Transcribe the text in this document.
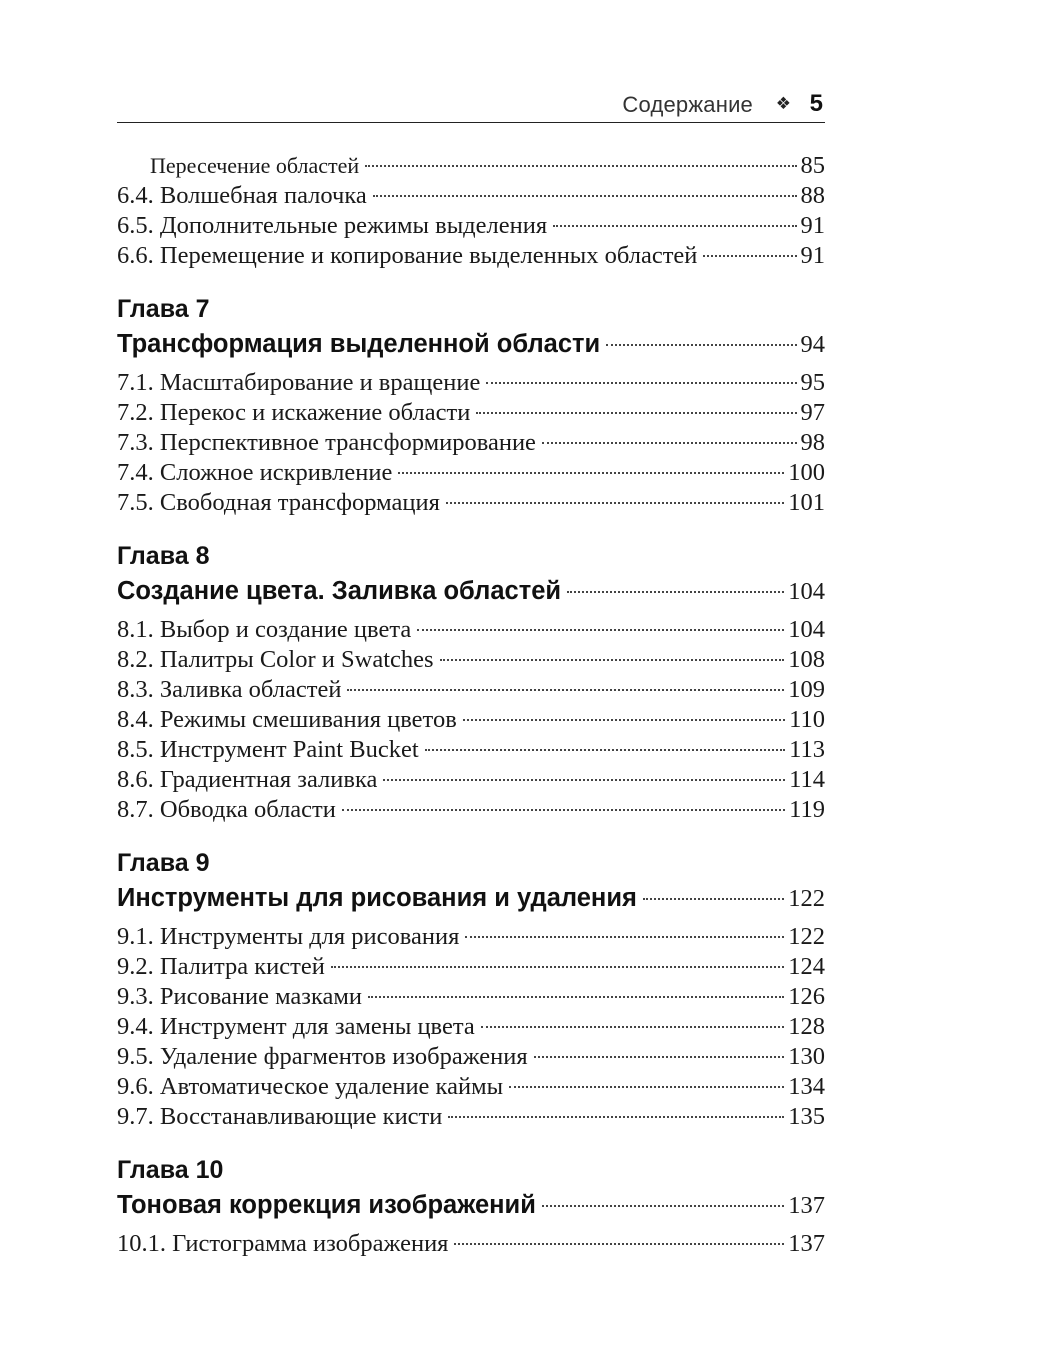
Содержание ❖ 5
Пересечение областей	85
6.4. Волшебная палочка	88
6.5. Дополнительные режимы выделения	91
6.6. Перемещение и копирование выделенных областей	91
Глава 7
Трансформация выделенной области	94
7.1. Масштабирование и вращение	95
7.2. Перекос и искажение области	97
7.3. Перспективное трансформирование	98
7.4. Сложное искривление	100
7.5. Свободная трансформация	101
Глава 8
Создание цвета. Заливка областей	104
8.1. Выбор и создание цвета	104
8.2. Палитры Color и Swatches	108
8.3. Заливка областей	109
8.4. Режимы смешивания цветов	110
8.5. Инструмент Paint Bucket	113
8.6. Градиентная заливка	114
8.7. Обводка области	119
Глава 9
Инструменты для рисования и удаления	122
9.1. Инструменты для рисования	122
9.2. Палитра кистей	124
9.3. Рисование мазками	126
9.4. Инструмент для замены цвета	128
9.5. Удаление фрагментов изображения	130
9.6. Автоматическое удаление каймы	134
9.7. Восстанавливающие кисти	135
Глава 10
Тоновая коррекция изображений	137
10.1. Гистограмма изображения	137
